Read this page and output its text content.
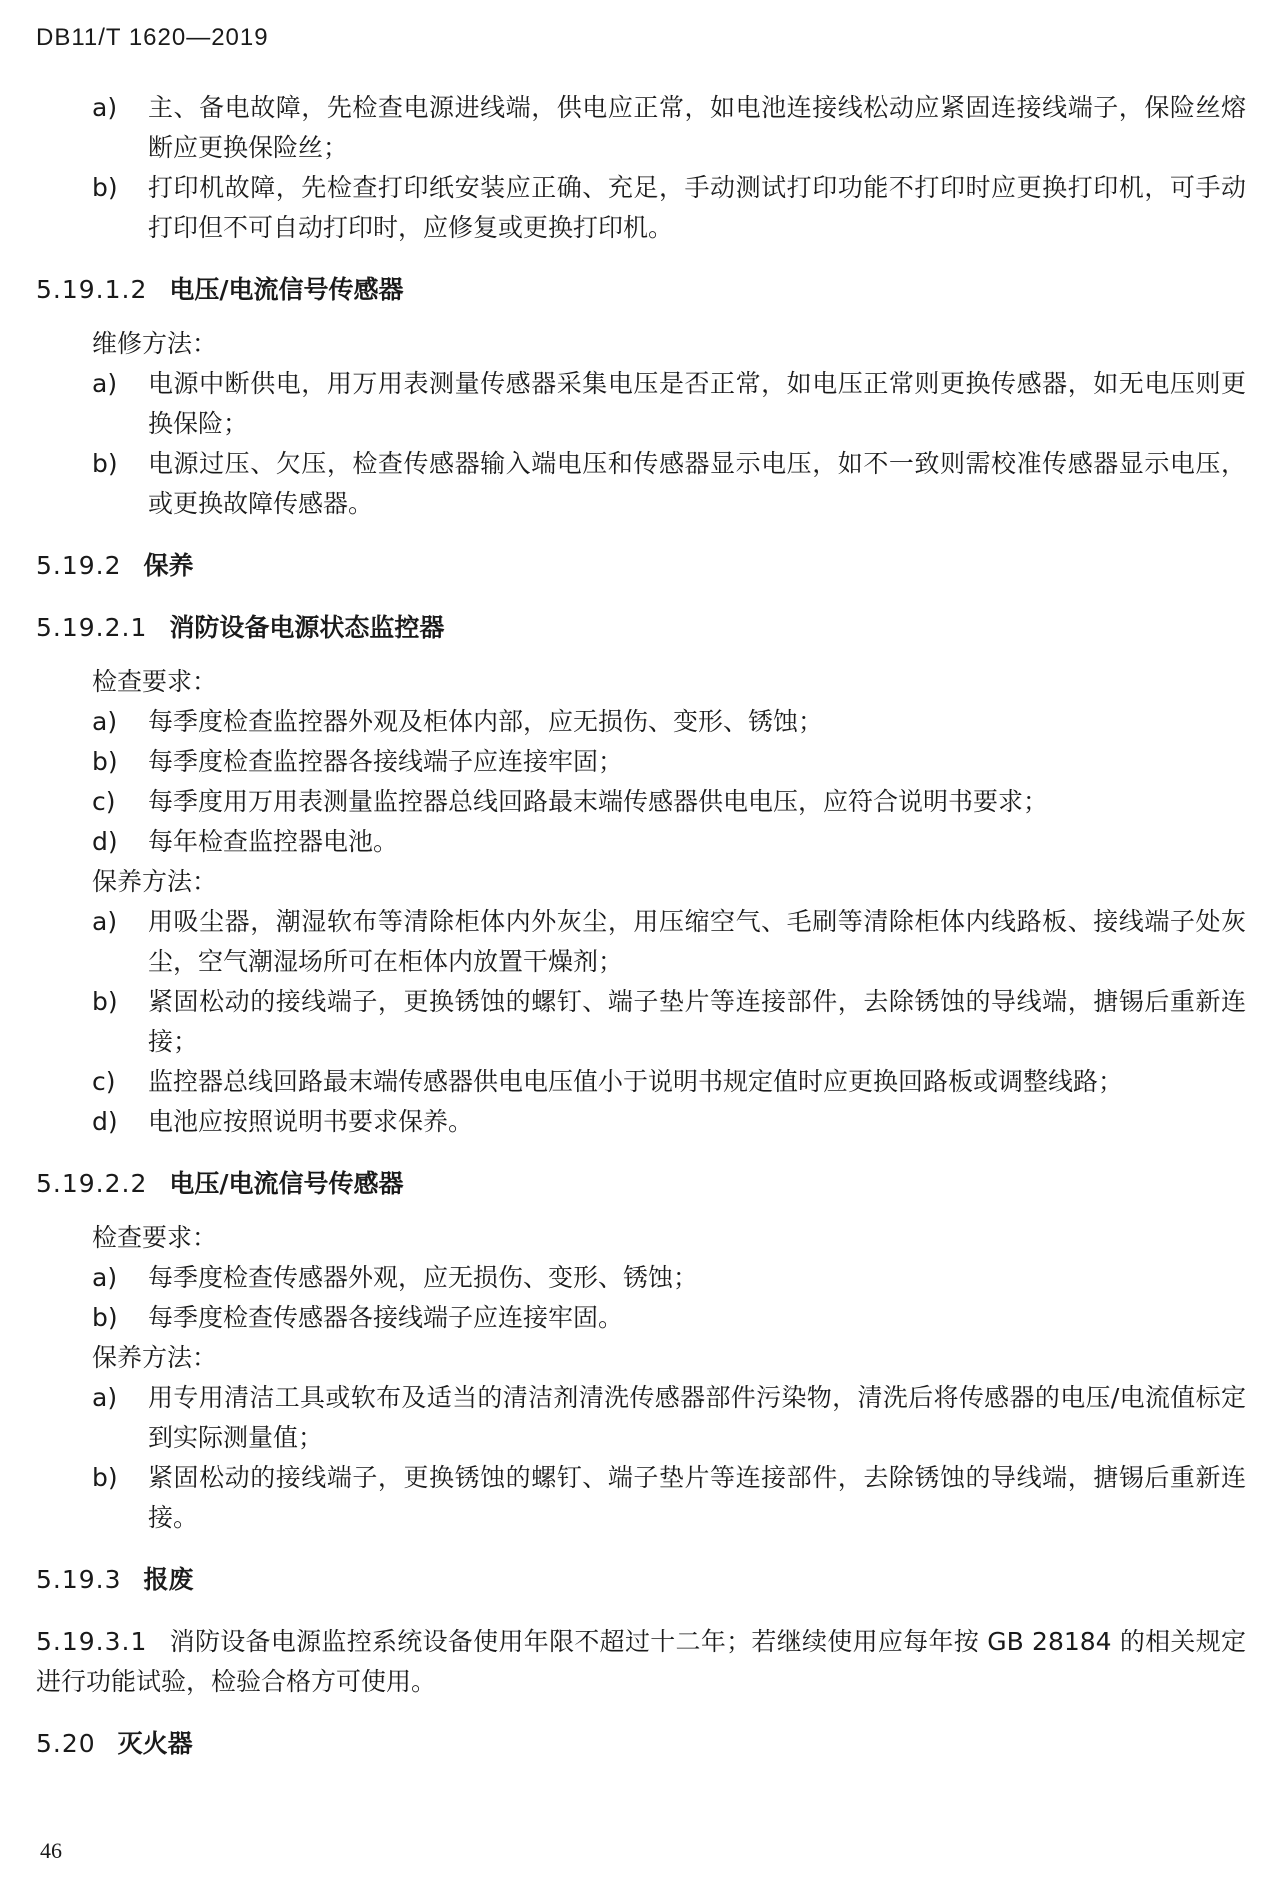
DB11/T 1620—2019
a)	主、备电故障，先检查电源进线端，供电应正常，如电池连接线松动应紧固连接线端子，保险丝熔断应更换保险丝；
b)	打印机故障，先检查打印纸安装应正确、充足，手动测试打印功能不打印时应更换打印机，可手动打印但不可自动打印时，应修复或更换打印机。
5.19.1.2 电压/电流信号传感器
维修方法：
a)	电源中断供电，用万用表测量传感器采集电压是否正常，如电压正常则更换传感器，如无电压则更换保险；
b)	电源过压、欠压，检查传感器输入端电压和传感器显示电压，如不一致则需校准传感器显示电压，或更换故障传感器。
5.19.2 保养
5.19.2.1 消防设备电源状态监控器
检查要求：
a)	每季度检查监控器外观及柜体内部，应无损伤、变形、锈蚀；
b)	每季度检查监控器各接线端子应连接牢固；
c)	每季度用万用表测量监控器总线回路最末端传感器供电电压，应符合说明书要求；
d)	每年检查监控器电池。
保养方法：
a)	用吸尘器，潮湿软布等清除柜体内外灰尘，用压缩空气、毛刷等清除柜体内线路板、接线端子处灰尘，空气潮湿场所可在柜体内放置干燥剂；
b)	紧固松动的接线端子，更换锈蚀的螺钉、端子垫片等连接部件，去除锈蚀的导线端，搪锡后重新连接；
c)	监控器总线回路最末端传感器供电电压值小于说明书规定值时应更换回路板或调整线路；
d)	电池应按照说明书要求保养。
5.19.2.2 电压/电流信号传感器
检查要求：
a)	每季度检查传感器外观，应无损伤、变形、锈蚀；
b)	每季度检查传感器各接线端子应连接牢固。
保养方法：
a)	用专用清洁工具或软布及适当的清洁剂清洗传感器部件污染物，清洗后将传感器的电压/电流值标定到实际测量值；
b)	紧固松动的接线端子，更换锈蚀的螺钉、端子垫片等连接部件，去除锈蚀的导线端，搪锡后重新连接。
5.19.3 报废
5.19.3.1 消防设备电源监控系统设备使用年限不超过十二年；若继续使用应每年按 GB 28184 的相关规定进行功能试验，检验合格方可使用。
5.20 灭火器
46
